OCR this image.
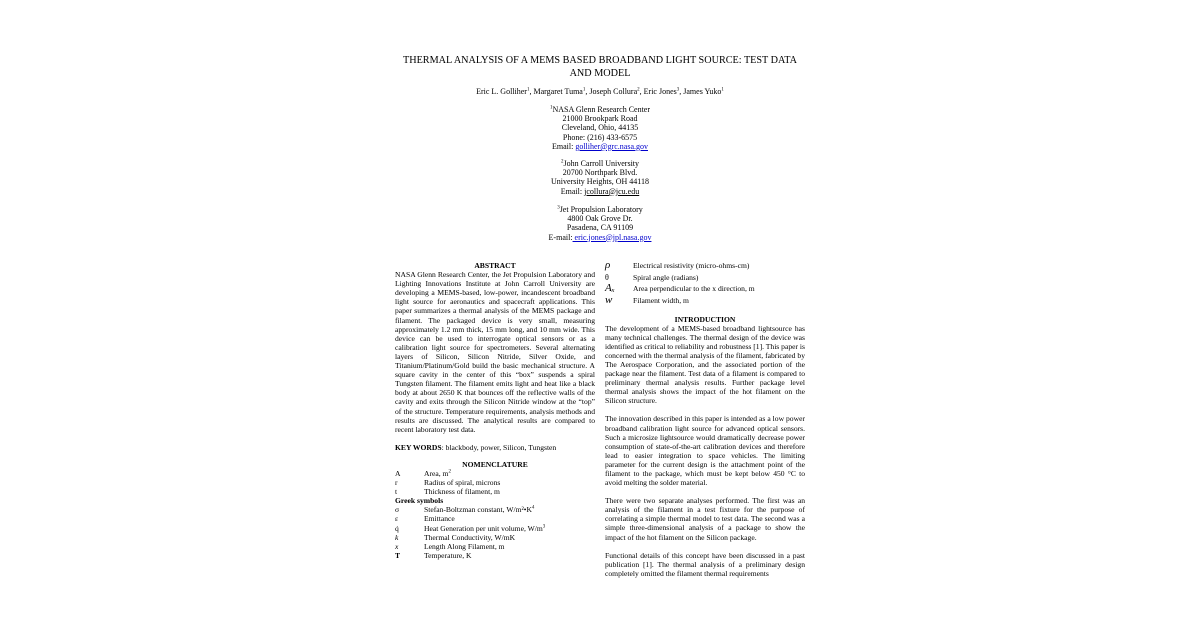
THERMAL ANALYSIS OF A MEMS BASED BROADBAND LIGHT SOURCE: TEST DATA AND MODEL
Eric L. Golliher$^1$, Margaret Tuma$^1$, Joseph Collura$^2$, Eric Jones$^3$, James Yuko$^1$
$^1$NASA Glenn Research Center
21000 Brookpark Road
Cleveland, Ohio, 44135
Phone: (216) 433-6575
Email: golliher@grc.nasa.gov
$^2$John Carroll University
20700 Northpark Blvd.
University Heights, OH 44118
Email: jcollura@jcu.edu
$^3$Jet Propulsion Laboratory
4800 Oak Grove Dr.
Pasadena, CA 91109
E-mail: eric.jones@jpl.nasa.gov

ABSTRACT

NASA Glenn Research Center, the Jet Propulsion Laboratory and Lighting Innovations Institute at John Carroll University are developing a MEMS-based, low-power, incandescent broadband light source for aeronautics and spacecraft applications. This paper summarizes a thermal analysis of the MEMS package and filament. The packaged device is very small, measuring approximately 1.2 mm thick, 15 mm long, and 10 mm wide. This device can be used to interrogate optical sensors or as a calibration light source for spectrometers. Several alternating layers of Silicon, Silicon Nitride, Silver Oxide, and Titanium/Platinum/Gold build the basic mechanical structure. A square cavity in the center of this “box” suspends a spiral Tungsten filament. The filament emits light and heat like a black body at about 2650 K that bounces off the reflective walls of the cavity and exits through the Silicon Nitride window at the “top” of the structure. Temperature requirements, analysis methods and results are discussed. The analytical results are compared to recent laboratory test data.

KEY WORDS: blackbody, power, Silicon, Tungsten

NOMENCLATURE

A	Area, $m^2$
r	Radius of spiral, microns
t	Thickness of filament, m
Greek symbols
σ	Stefan-Boltzman constant, $W/m^2•K^4$
ε	Emittance
q̇	Heat Generation per unit volume, $W/m^3$
k	Thermal Conductivity, W/mK
x	Length Along Filament, m
T	Temperature, K
ρ	Electrical resistivity (micro-ohms-cm)
θ	Spiral angle (radians)
Aₓ	Area perpendicular to the x direction, m
w	Filament width, m

INTRODUCTION

The development of a MEMS-based broadband lightsource has many technical challenges. The thermal design of the device was identified as critical to reliability and robustness [1]. This paper is concerned with the thermal analysis of the filament, fabricated by The Aerospace Corporation, and the associated portion of the package near the filament. Test data of a filament is compared to preliminary thermal analysis results. Further package level thermal analysis shows the impact of the hot filament on the Silicon structure.

The innovation described in this paper is intended as a low power broadband calibration light source for advanced optical sensors. Such a microsize lightsource would dramatically decrease power consumption of state-of-the-art calibration devices and therefore lead to easier integration to space vehicles. The limiting parameter for the current design is the attachment point of the filament to the package, which must be kept below 450 °C to avoid melting the solder material.

There were two separate analyses performed. The first was an analysis of the filament in a test fixture for the purpose of correlating a simple thermal model to test data. The second was a simple three-dimensional analysis of a package to show the impact of the hot filament on the Silicon package.

Functional details of this concept have been discussed in a past publication [1]. The thermal analysis of a preliminary design completely omitted the filament thermal requirements
